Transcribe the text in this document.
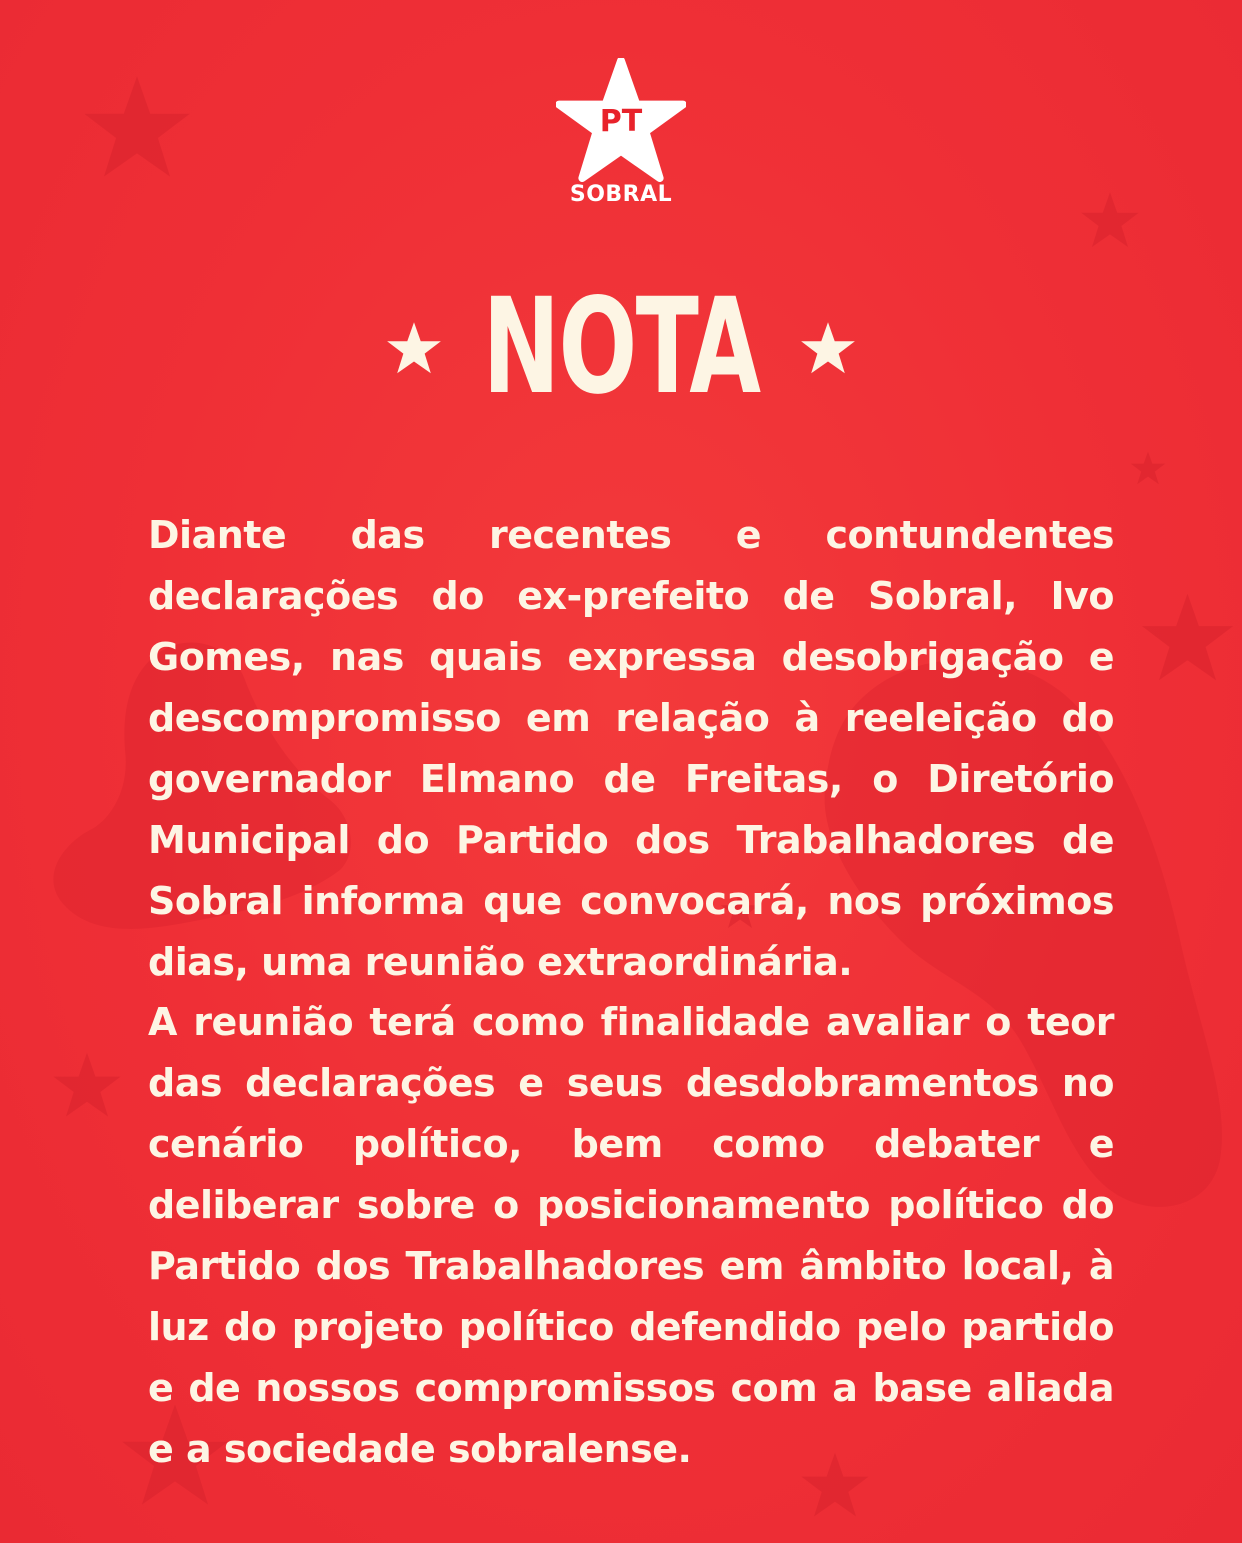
PT
SOBRAL
NOTA
Diante das recentes e contundentes declarações do ex-prefeito de Sobral, Ivo Gomes, nas quais expressa desobrigação e descompromisso em relação à reeleição do governador Elmano de Freitas, o Diretório Municipal do Partido dos Trabalhadores de Sobral informa que convocará, nos próximos dias, uma reunião extraordinária.
A reunião terá como finalidade avaliar o teor das declarações e seus desdobramentos no cenário político, bem como debater e deliberar sobre o posicionamento político do Partido dos Trabalhadores em âmbito local, à luz do projeto político defendido pelo partido e de nossos compromissos com a base aliada e a sociedade sobralense.
